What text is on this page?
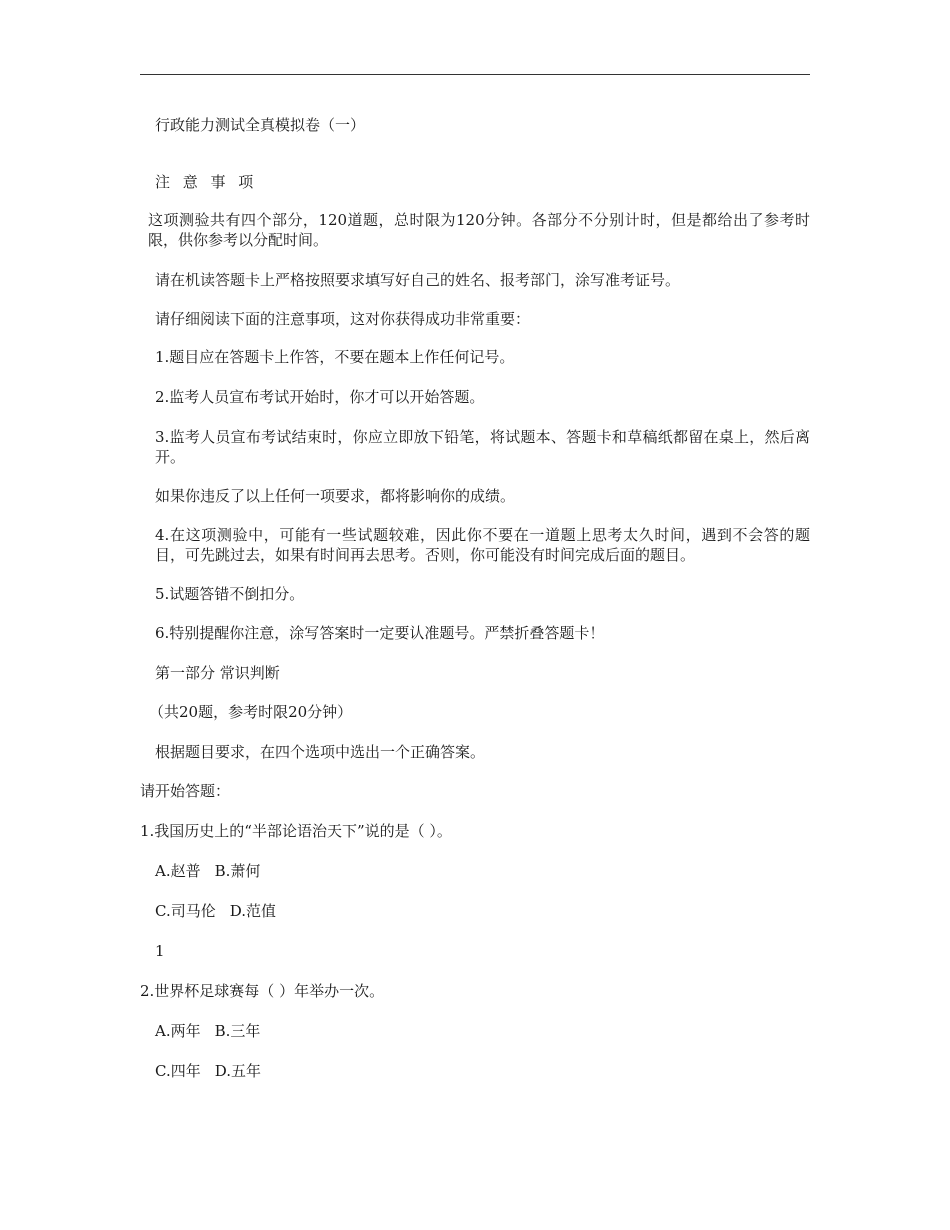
行政能力测试全真模拟卷（一）
注 意 事 项
这项测验共有四个部分，120道题，总时限为120分钟。各部分不分别计时，但是都给出了参考时限，供你参考以分配时间。
请在机读答题卡上严格按照要求填写好自己的姓名、报考部门，涂写准考证号。
请仔细阅读下面的注意事项，这对你获得成功非常重要：
1.题目应在答题卡上作答，不要在题本上作任何记号。
2.监考人员宣布考试开始时，你才可以开始答题。
3.监考人员宣布考试结束时，你应立即放下铅笔，将试题本、答题卡和草稿纸都留在桌上，然后离开。
如果你违反了以上任何一项要求，都将影响你的成绩。
4.在这项测验中，可能有一些试题较难，因此你不要在一道题上思考太久时间，遇到不会答的题目，可先跳过去，如果有时间再去思考。否则，你可能没有时间完成后面的题目。
5.试题答错不倒扣分。
6.特别提醒你注意，涂写答案时一定要认准题号。严禁折叠答题卡！
第一部分 常识判断
（共20题，参考时限20分钟）
根据题目要求，在四个选项中选出一个正确答案。
请开始答题：
1.我国历史上的“半部论语治天下”说的是（ ）。
A.赵普 B.萧何
C.司马伦 D.范值
1
2.世界杯足球赛每（ ）年举办一次。
A.两年 B.三年
C.四年 D.五年
